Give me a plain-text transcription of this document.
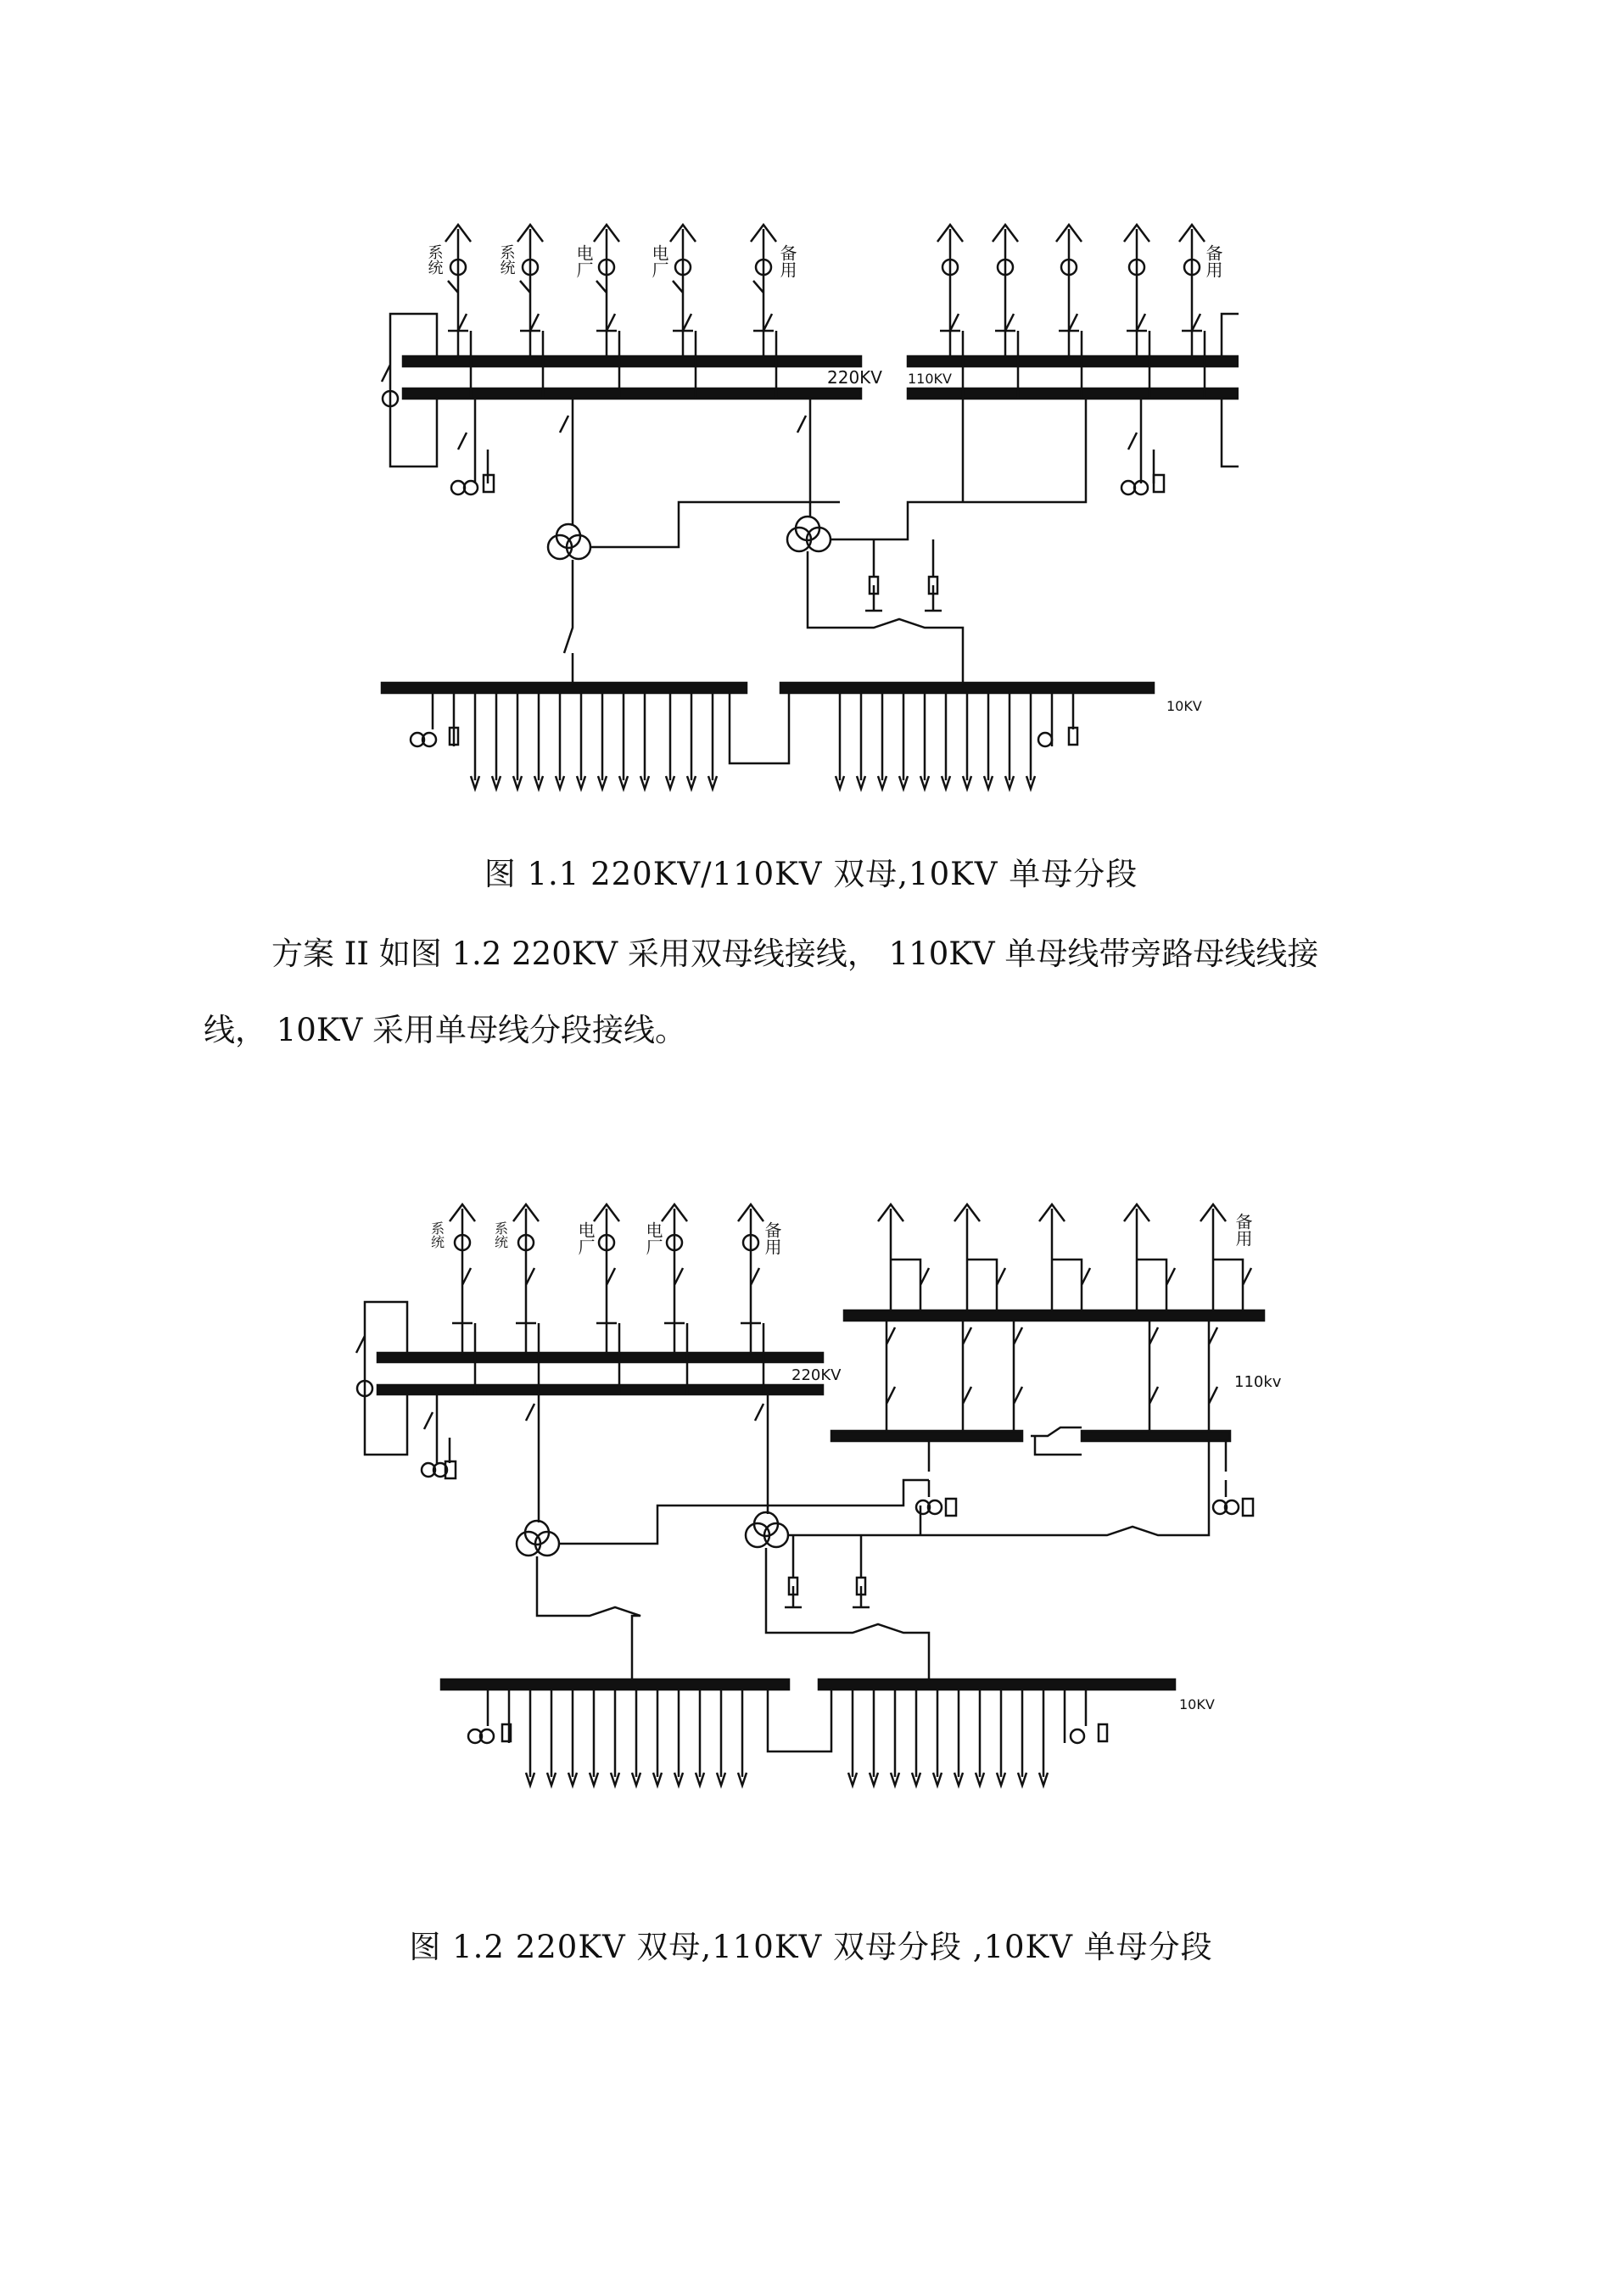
220KV 110KV
10KV
系统	系统	电厂	电厂	备用	备用
图 1.1 220KV/110KV 双母,10KV 单母分段
方案 II 如图 1.2 220KV 采用双母线接线， 110KV 单母线带旁路母线线接
线， 10KV 采用单母线分段接线。
220KV	110kv
10KV
系统	系统	电厂	电厂	备用	备用
图 1.2 220KV 双母,110KV 双母分段 ,10KV 单母分段
